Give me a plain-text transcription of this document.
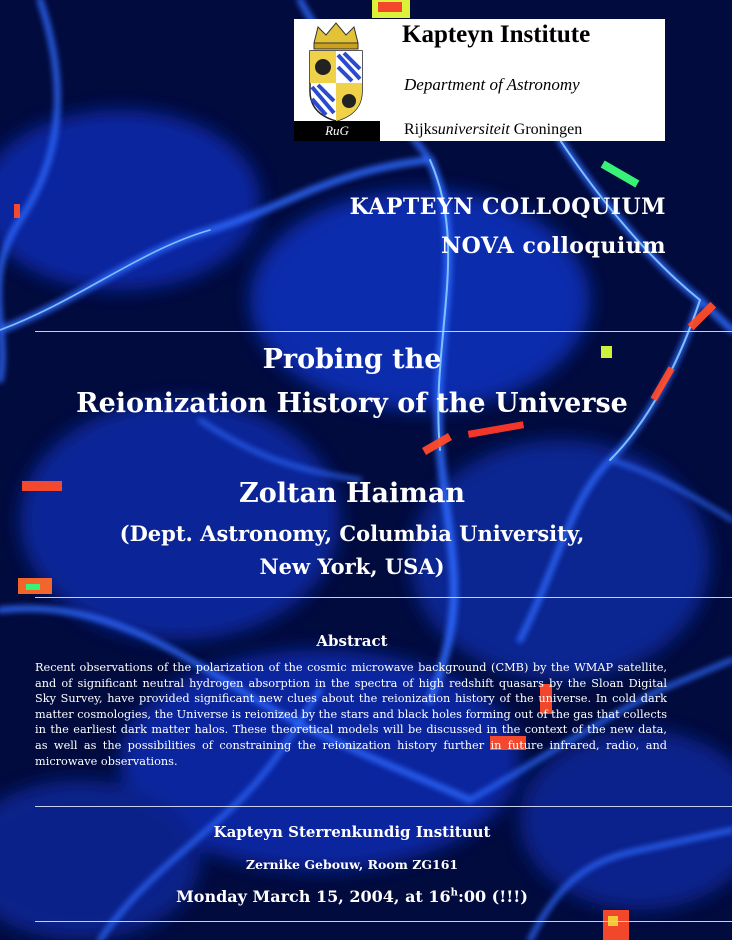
RuG
Kapteyn Institute
Department of Astronomy
Rijksuniversiteit Groningen
KAPTEYN COLLOQUIUM
NOVA colloquium
Probing the
Reionization History of the Universe
Zoltan Haiman
(Dept. Astronomy, Columbia University,
New York, USA)
Abstract
Recent observations of the polarization of the cosmic microwave background (CMB) by the WMAP satellite, and of significant neutral hydrogen absorption in the spectra of high redshift quasars by the Sloan Digital Sky Survey, have provided significant new clues about the reionization history of the universe. In cold dark matter cosmologies, the Universe is reionized by the stars and black holes forming out of the gas that collects in the earliest dark matter halos. These theoretical models will be discussed in the context of the new data, as well as the possibilities of constraining the reionization history further in future infrared, radio, and microwave observations.
Kapteyn Sterrenkundig Instituut
Zernike Gebouw, Room ZG161
Monday March 15, 2004, at 16$^h$:00 (!!!)
